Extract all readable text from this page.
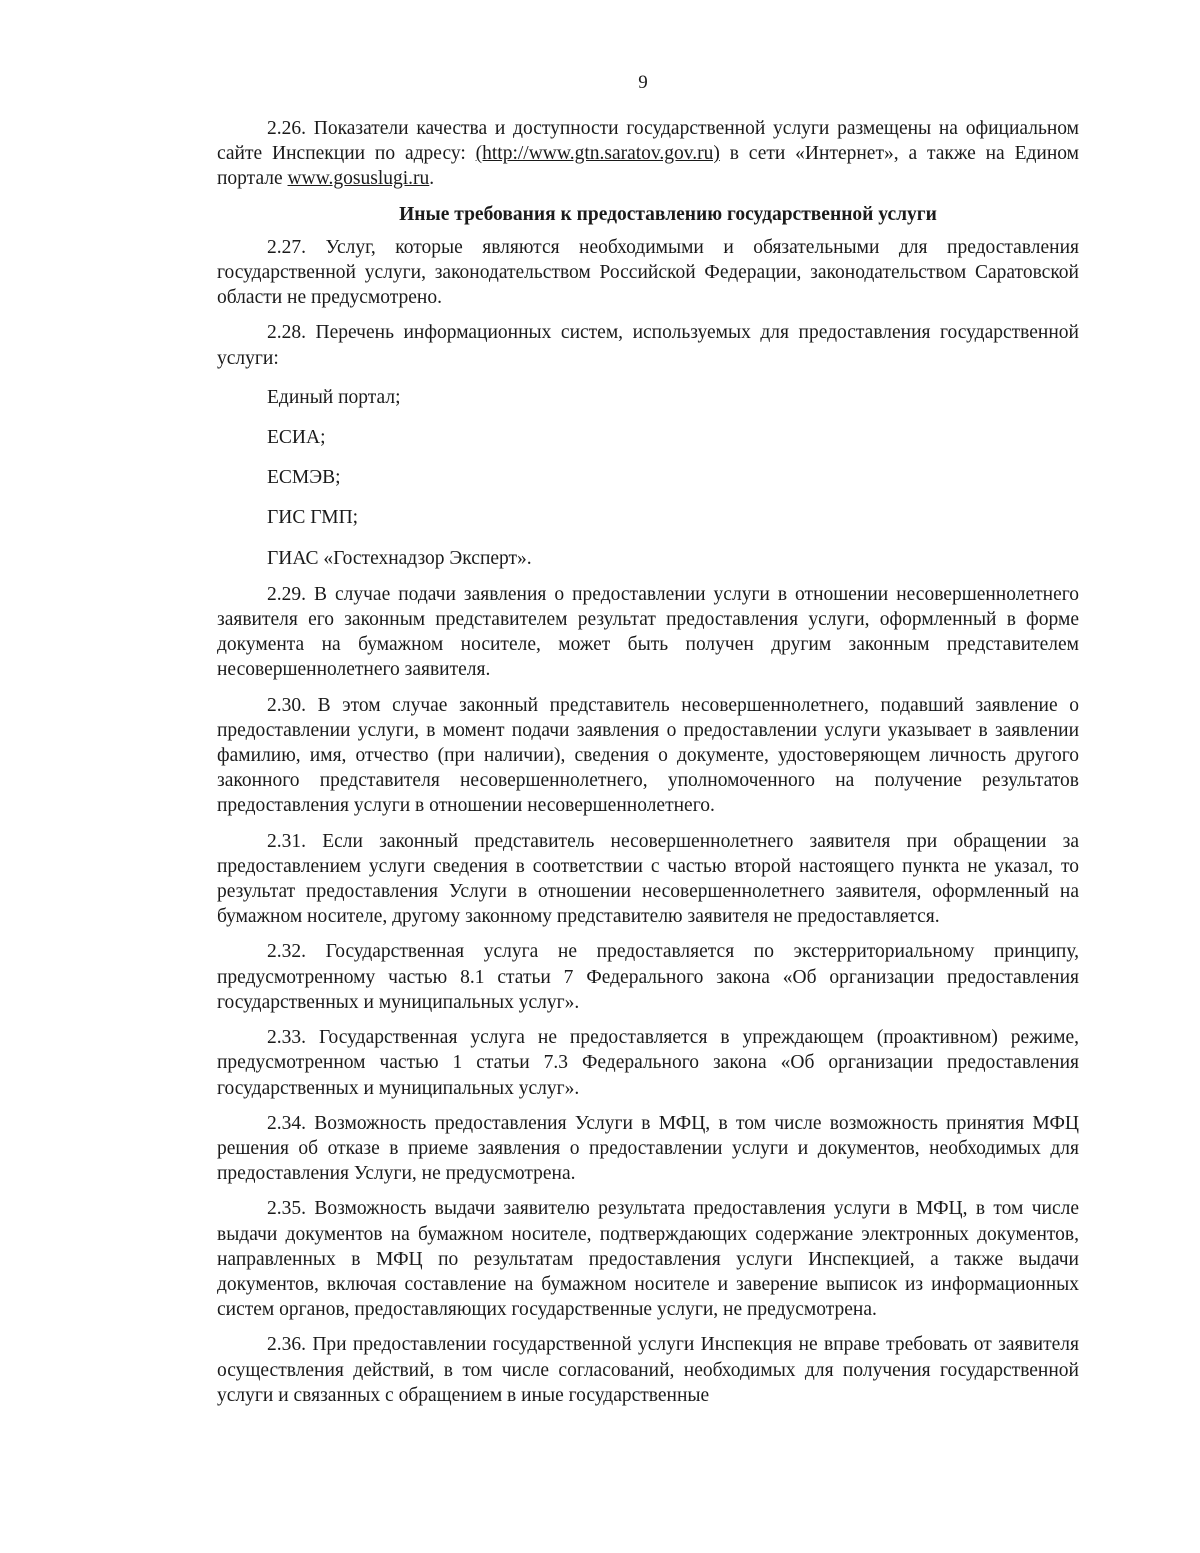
9

2.26. Показатели качества и доступности государственной услуги размещены на официальном сайте Инспекции по адресу: (http://www.gtn.saratov.gov.ru) в сети «Интернет», а также на Едином портале www.gosuslugi.ru.

Иные требования к предоставлению государственной услуги

2.27. Услуг, которые являются необходимыми и обязательными для предоставления государственной услуги, законодательством Российской Федерации, законодательством Саратовской области не предусмотрено.

2.28. Перечень информационных систем, используемых для предоставления государственной услуги:

Единый портал;

ЕСИА;

ЕСМЭВ;

ГИС ГМП;

ГИАС «Гостехнадзор Эксперт».

2.29. В случае подачи заявления о предоставлении услуги в отношении несовершеннолетнего заявителя его законным представителем результат предоставления услуги, оформленный в форме документа на бумажном носителе, может быть получен другим законным представителем несовершеннолетнего заявителя.

2.30. В этом случае законный представитель несовершеннолетнего, подавший заявление о предоставлении услуги, в момент подачи заявления о предоставлении услуги указывает в заявлении фамилию, имя, отчество (при наличии), сведения о документе, удостоверяющем личность другого законного представителя несовершеннолетнего, уполномоченного на получение результатов предоставления услуги в отношении несовершеннолетнего.

2.31. Если законный представитель несовершеннолетнего заявителя при обращении за предоставлением услуги сведения в соответствии с частью второй настоящего пункта не указал, то результат предоставления Услуги в отношении несовершеннолетнего заявителя, оформленный на бумажном носителе, другому законному представителю заявителя не предоставляется.

2.32. Государственная услуга не предоставляется по экстерриториальному принципу, предусмотренному частью 8.1 статьи 7 Федерального закона «Об организации предоставления государственных и муниципальных услуг».

2.33. Государственная услуга не предоставляется в упреждающем (проактивном) режиме, предусмотренном частью 1 статьи 7.3 Федерального закона «Об организации предоставления государственных и муниципальных услуг».

2.34. Возможность предоставления Услуги в МФЦ, в том числе возможность принятия МФЦ решения об отказе в приеме заявления о предоставлении услуги и документов, необходимых для предоставления Услуги, не предусмотрена.

2.35. Возможность выдачи заявителю результата предоставления услуги в МФЦ, в том числе выдачи документов на бумажном носителе, подтверждающих содержание электронных документов, направленных в МФЦ по результатам предоставления услуги Инспекцией, а также выдачи документов, включая составление на бумажном носителе и заверение выписок из информационных систем органов, предоставляющих государственные услуги, не предусмотрена.

2.36. При предоставлении государственной услуги Инспекция не вправе требовать от заявителя осуществления действий, в том числе согласований, необходимых для получения государственной услуги и связанных с обращением в иные государственные
